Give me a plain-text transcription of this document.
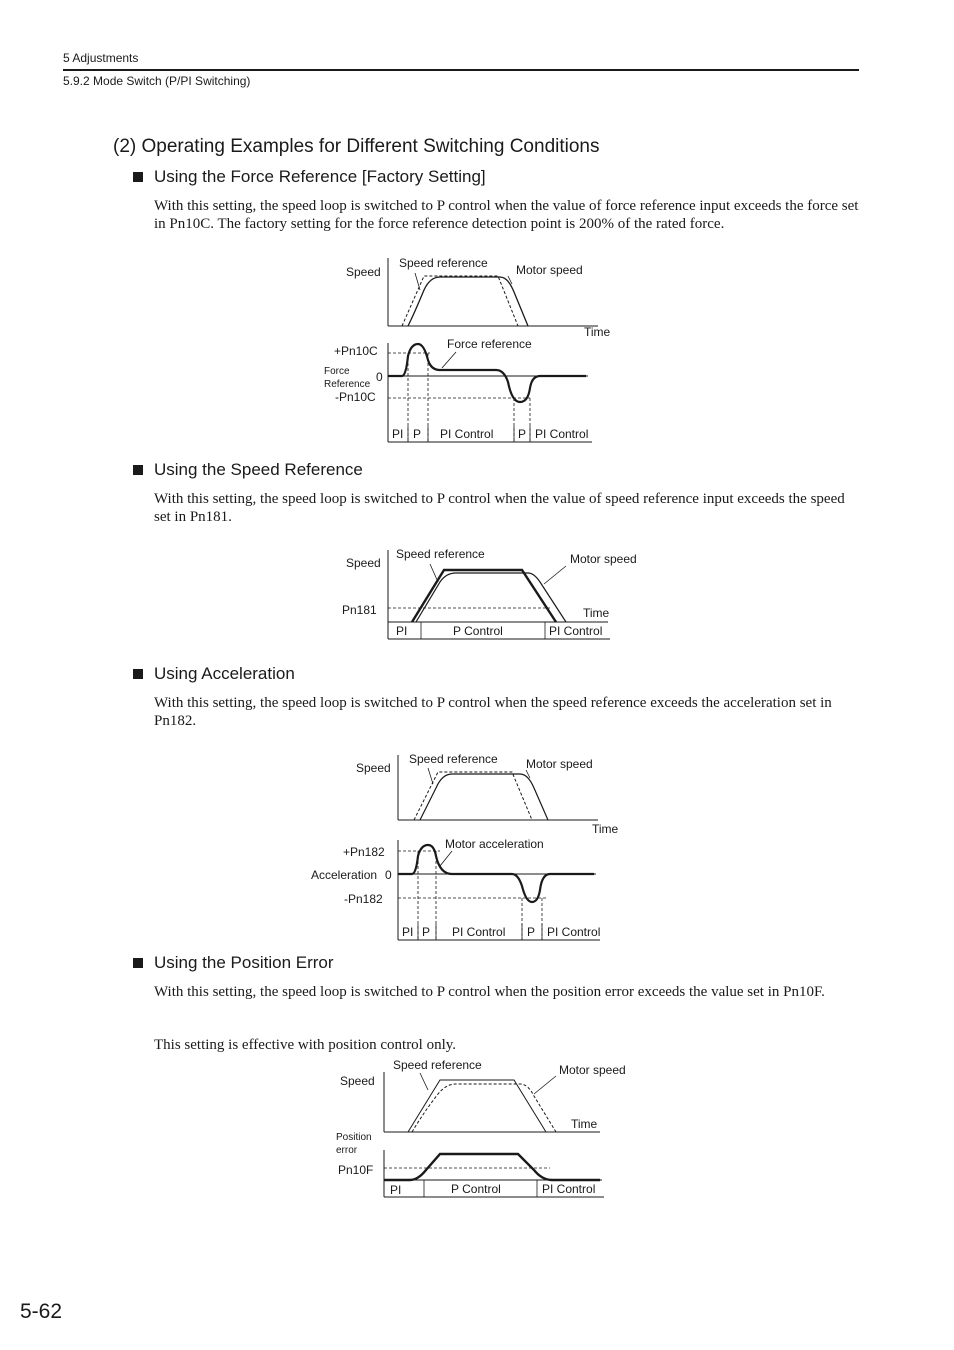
5 Adjustments
5.9.2 Mode Switch (P/PI Switching)
(2) Operating Examples for Different Switching Conditions
Using the Force Reference [Factory Setting]
With this setting, the speed loop is switched to P control when the value of force reference input exceeds the force set in Pn10C. The factory setting for the force reference detection point is 200% of the rated force.
Speed
Speed reference Motor speed
Time
+Pn10C
Force
Reference
0
-Pn10C
Force reference
PI P PI Control P PI Control
Using the Speed Reference
With this setting, the speed loop is switched to P control when the value of speed reference input exceeds the speed set in Pn181.
Speed
Speed reference	Motor speed
Time
Pn181
PI	P Control	PI Control
Using Acceleration
With this setting, the speed loop is switched to P control when the speed reference exceeds the acceleration set in Pn182.
Speed
Speed reference Motor speed
Time
+Pn182
Acceleration 0
-Pn182
Motor acceleration
PI P PI Control P PI Control
Using the Position Error
With this setting, the speed loop is switched to P control when the position error exceeds the value set in Pn10F.
This setting is effective with position control only.
Speed
Speed reference	Motor speed
Time
Position
error
Pn10F
PI	P Control	PI Control
5-62
